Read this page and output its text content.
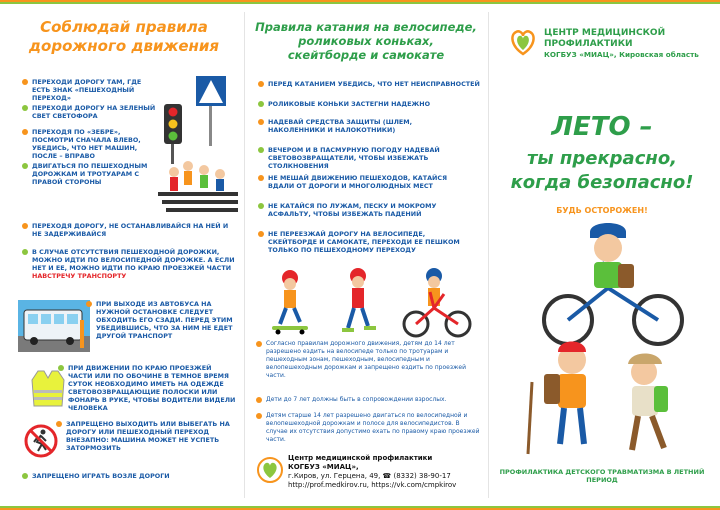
Соблюдай правила
дорожного движения
ПЕРЕХОДИ ДОРОГУ ТАМ, ГДЕ ЕСТЬ ЗНАК «ПЕШЕХОДНЫЙ ПЕРЕХОД»
ПЕРЕХОДИ ДОРОГУ НА ЗЕЛЕНЫЙ СВЕТ СВЕТОФОРА
ПЕРЕХОДЯ ПО «ЗЕБРЕ», ПОСМОТРИ СНАЧАЛА ВЛЕВО, УБЕДИСЬ, ЧТО НЕТ МАШИН, ПОСЛЕ – ВПРАВО
ДВИГАТЬСЯ ПО ПЕШЕХОДНЫМ ДОРОЖКАМ И ТРОТУАРАМ С ПРАВОЙ СТОРОНЫ
ПЕРЕХОДЯ ДОРОГУ, НЕ ОСТАНАВЛИВАЙСЯ НА НЕЙ И НЕ ЗАДЕРЖИВАЙСЯ
В СЛУЧАЕ ОТСУТСТВИЯ ПЕШЕХОДНОЙ ДОРОЖКИ, МОЖНО ИДТИ ПО ВЕЛОСИПЕДНОЙ ДОРОЖКЕ. А ЕСЛИ НЕТ И ЕЕ, МОЖНО ИДТИ ПО КРАЮ ПРОЕЗЖЕЙ ЧАСТИ НАВСТРЕЧУ ТРАНСПОРТУ
ПРИ ВЫХОДЕ ИЗ АВТОБУСА НА НУЖНОЙ ОСТАНОВКЕ СЛЕДУЕТ ОБХОДИТЬ ЕГО СЗАДИ. ПЕРЕД ЭТИМ УБЕДИВШИСЬ, ЧТО ЗА НИМ НЕ ЕДЕТ ДРУГОЙ ТРАНСПОРТ
ПРИ ДВИЖЕНИИ ПО КРАЮ ПРОЕЗЖЕЙ ЧАСТИ ИЛИ ПО ОБОЧИНЕ В ТЕМНОЕ ВРЕМЯ СУТОК НЕОБХОДИМО ИМЕТЬ НА ОДЕЖДЕ СВЕТОВОЗВРАЩАЮЩИЕ ПОЛОСКИ ИЛИ ФОНАРЬ В РУКЕ, ЧТОБЫ ВОДИТЕЛИ ВИДЕЛИ ЧЕЛОВЕКА
ЗАПРЕЩЕНО ВЫХОДИТЬ ИЛИ ВЫБЕГАТЬ НА ДОРОГУ ИЛИ ПЕШЕХОДНЫЙ ПЕРЕХОД ВНЕЗАПНО: МАШИНА МОЖЕТ НЕ УСПЕТЬ ЗАТОРМОЗИТЬ
ЗАПРЕЩЕНО ИГРАТЬ ВОЗЛЕ ДОРОГИ
Правила катания на велосипеде,
роликовых коньках,
скейтборде и самокате
ПЕРЕД КАТАНИЕМ УБЕДИСЬ, ЧТО НЕТ НЕИСПРАВНОСТЕЙ
РОЛИКОВЫЕ КОНЬКИ ЗАСТЕГНИ НАДЕЖНО
НАДЕВАЙ СРЕДСТВА ЗАЩИТЫ (ШЛЕМ, НАКОЛЕННИКИ И НАЛОКОТНИКИ)
ВЕЧЕРОМ И В ПАСМУРНУЮ ПОГОДУ НАДЕВАЙ СВЕТОВОЗВРАЩАТЕЛИ, ЧТОБЫ ИЗБЕЖАТЬ СТОЛКНОВЕНИЯ
НЕ МЕШАЙ ДВИЖЕНИЮ ПЕШЕХОДОВ, КАТАЙСЯ ВДАЛИ ОТ ДОРОГИ И МНОГОЛЮДНЫХ МЕСТ
НЕ КАТАЙСЯ ПО ЛУЖАМ, ПЕСКУ И МОКРОМУ АСФАЛЬТУ, ЧТОБЫ ИЗБЕЖАТЬ ПАДЕНИЙ
НЕ ПЕРЕЕЗЖАЙ ДОРОГУ НА ВЕЛОСИПЕДЕ, СКЕЙТБОРДЕ И САМОКАТЕ, ПЕРЕХОДИ ЕЕ ПЕШКОМ ТОЛЬКО ПО ПЕШЕХОДНОМУ ПЕРЕХОДУ
Согласно правилам дорожного движения, детям до 14 лет разрешено ездить на велосипеде только по тротуарам и пешеходным зонам, пешеходным, велосипедным и велопешеходным дорожкам и запрещено ездить по проезжей части.
Дети до 7 лет должны быть в сопровождении взрослых.
Детям старше 14 лет разрешено двигаться по велосипедной и велопешеходной дорожкам и полосе для велосипедистов. В случае их отсутствия допустимо ехать по правому краю проезжей части.
Центр медицинской профилактики
КОГБУЗ «МИАЦ»,
г.Киров, ул. Герцена, 49, ☎ (8332) 38-90-17
http://prof.medkirov.ru, https://vk.com/cmpkirov
ЦЕНТР МЕДИЦИНСКОЙ
ПРОФИЛАКТИКИ
КОГБУЗ «МИАЦ», Кировская область
ЛЕТО –
ты прекрасно,
когда безопасно!
БУДЬ ОСТОРОЖЕН!
ПРОФИЛАКТИКА ДЕТСКОГО ТРАВМАТИЗМА В ЛЕТНИЙ ПЕРИОД
